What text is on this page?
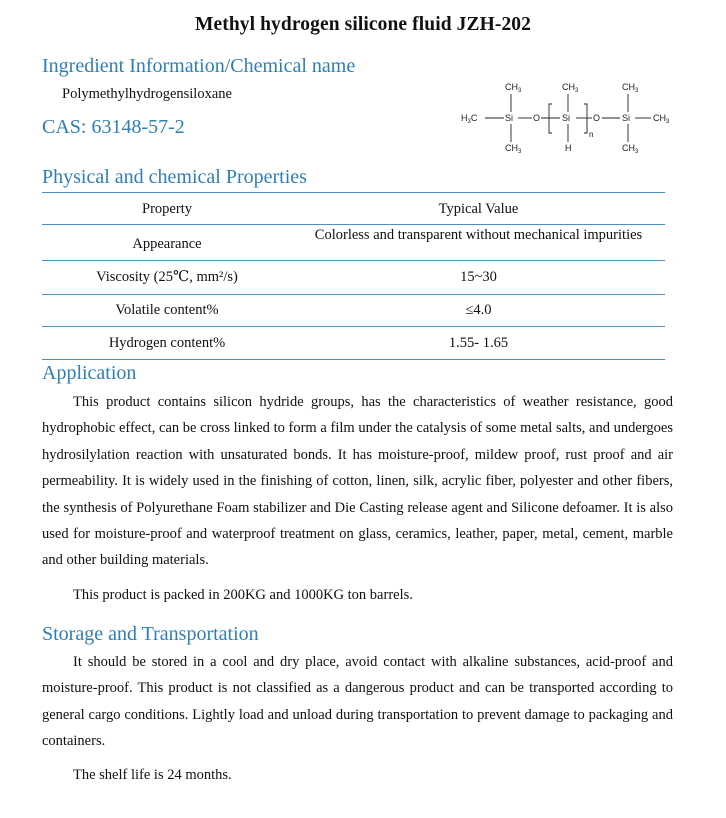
Methyl hydrogen silicone fluid JZH-202
Ingredient Information/Chemical name
Polymethylhydrogensiloxane
CAS: 63148-57-2
$CH_3$	$CH_3$	$CH_3$
$H_3C$	Si O Si	O Si	$CH_3$
n
$CH_3$	H	$CH_3$
Physical and chemical Properties
Property	Typical Value
Appearance	Colorless and transparent without mechanical impurities
Viscosity (25℃, mm²/s)	15~30
Volatile content%	≤4.0
Hydrogen content%	1.55- 1.65
Application

This product contains silicon hydride groups, has the characteristics of weather resistance, good hydrophobic effect, can be cross linked to form a film under the catalysis of some metal salts, and undergoes hydrosilylation reaction with unsaturated bonds. It has moisture-proof, mildew proof, rust proof and air permeability. It is widely used in the finishing of cotton, linen, silk, acrylic fiber, polyester and other fibers, the synthesis of Polyurethane Foam stabilizer and Die Casting release agent and Silicone defoamer. It is also used for moisture-proof and waterproof treatment on glass, ceramics, leather, paper, metal, cement, marble and other building materials.

This product is packed in 200KG and 1000KG ton barrels.
Storage and Transportation

It should be stored in a cool and dry place, avoid contact with alkaline substances, acid-proof and moisture-proof. This product is not classified as a dangerous product and can be transported according to general cargo conditions. Lightly load and unload during transportation to prevent damage to packaging and containers.

The shelf life is 24 months.
